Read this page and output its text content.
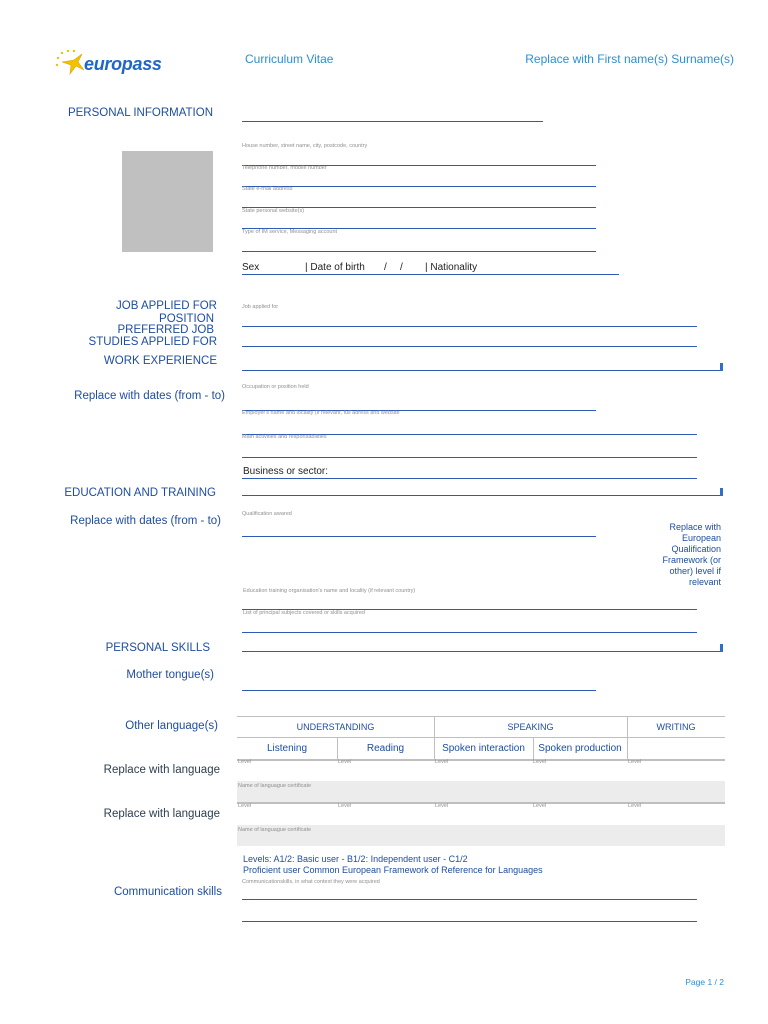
europass	Curriculum Vitae	Replace with First name(s) Surname(s)
PERSONAL INFORMATION
House number, street name, city, postcode, country
Telephone number, mobile number
State e-mail address
State personal website(s)
Type of IM service, Messaging account
Sex	| Date of birth / / | Nationality
JOB APPLIED FOR
POSITION
PREFERRED JOB
STUDIES APPLIED FOR
Job applied for
WORK EXPERIENCE
Replace with dates (from - to)
Occupation or position held
Employer's name and locality (if relevant, full adress and website
Main activities and responsabilities
Business or sector:
EDUCATION AND TRAINING
Replace with dates (from - to)
Qualification awared
Replace with
European
Qualification
Framework (or
other) level if
relevant
Education training organisation's name and locality (if relevant country)
List of principal subjects covered or skills acquired
PERSONAL SKILLS
Mother tongue(s)
Other language(s)	UNDERSTANDING	SPEAKING	WRITING
Listening	Reading	Spoken interaction	Spoken production
Replace with language
Level	Level	Level	Level	Level
Name of languague certificate
Replace with language
Level	Level	Level	Level	Level
Name of languague certificate
Levels: A1/2: Basic user - B1/2: Independent user - C1/2
Proficient user Common European Framework of Reference for Languages
Communication skills
Communicationskills, in what context they were acquired
Page 1 / 2
